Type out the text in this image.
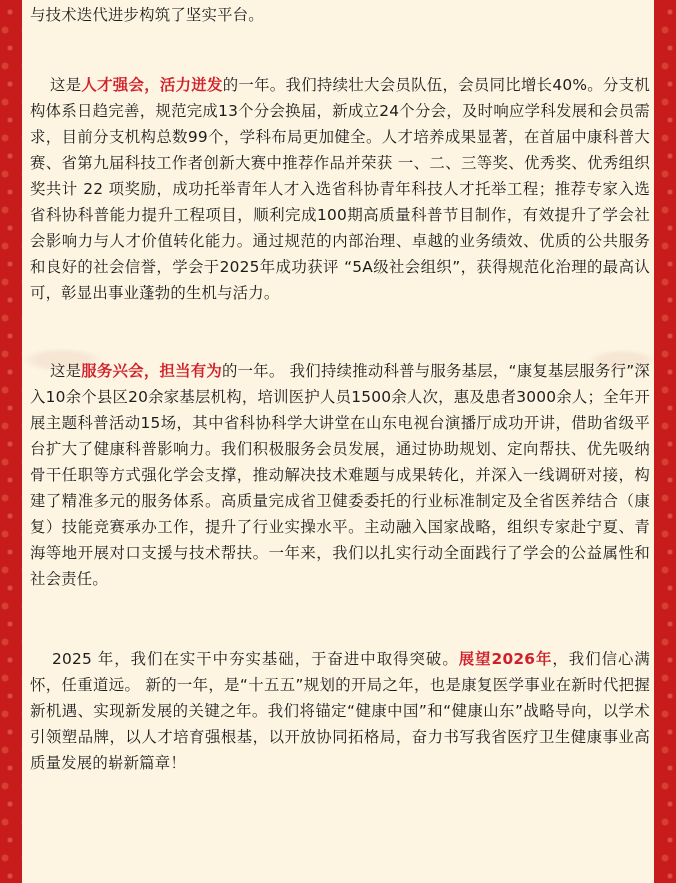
与技术迭代进步构筑了坚实平台。

这是人才强会，活力迸发的一年。我们持续壮大会员队伍，会员同比增长40%。分支机构体系日趋完善，规范完成13个分会换届，新成立24个分会，及时响应学科发展和会员需求，目前分支机构总数99个，学科布局更加健全。人才培养成果显著，在首届中康科普大赛、省第九届科技工作者创新大赛中推荐作品并荣获 一、二、三等奖、优秀奖、优秀组织奖共计 22 项奖励，成功托举青年人才入选省科协青年科技人才托举工程；推荐专家入选省科协科普能力提升工程项目，顺利完成100期高质量科普节目制作，有效提升了学会社会影响力与人才价值转化能力。通过规范的内部治理、卓越的业务绩效、优质的公共服务和良好的社会信誉，学会于2025年成功获评 “5A级社会组织”，获得规范化治理的最高认可，彰显出事业蓬勃的生机与活力。

这是服务兴会，担当有为的一年。 我们持续推动科普与服务基层，“康复基层服务行”深入10余个县区20余家基层机构，培训医护人员1500余人次，惠及患者3000余人；全年开展主题科普活动15场，其中省科协科学大讲堂在山东电视台演播厅成功开讲，借助省级平台扩大了健康科普影响力。我们积极服务会员发展，通过协助规划、定向帮扶、优先吸纳骨干任职等方式强化学会支撑，推动解决技术难题与成果转化，并深入一线调研对接，构建了精准多元的服务体系。高质量完成省卫健委委托的行业标准制定及全省医养结合（康复）技能竞赛承办工作，提升了行业实操水平。主动融入国家战略，组织专家赴宁夏、青海等地开展对口支援与技术帮扶。一年来，我们以扎实行动全面践行了学会的公益属性和社会责任。

2025 年，我们在实干中夯实基础，于奋进中取得突破。展望2026年，我们信心满怀，任重道远。 新的一年，是“十五五”规划的开局之年，也是康复医学事业在新时代把握新机遇、实现新发展的关键之年。我们将锚定“健康中国”和“健康山东”战略导向，以学术引领塑品牌，以人才培育强根基，以开放协同拓格局，奋力书写我省医疗卫生健康事业高质量发展的崭新篇章！
